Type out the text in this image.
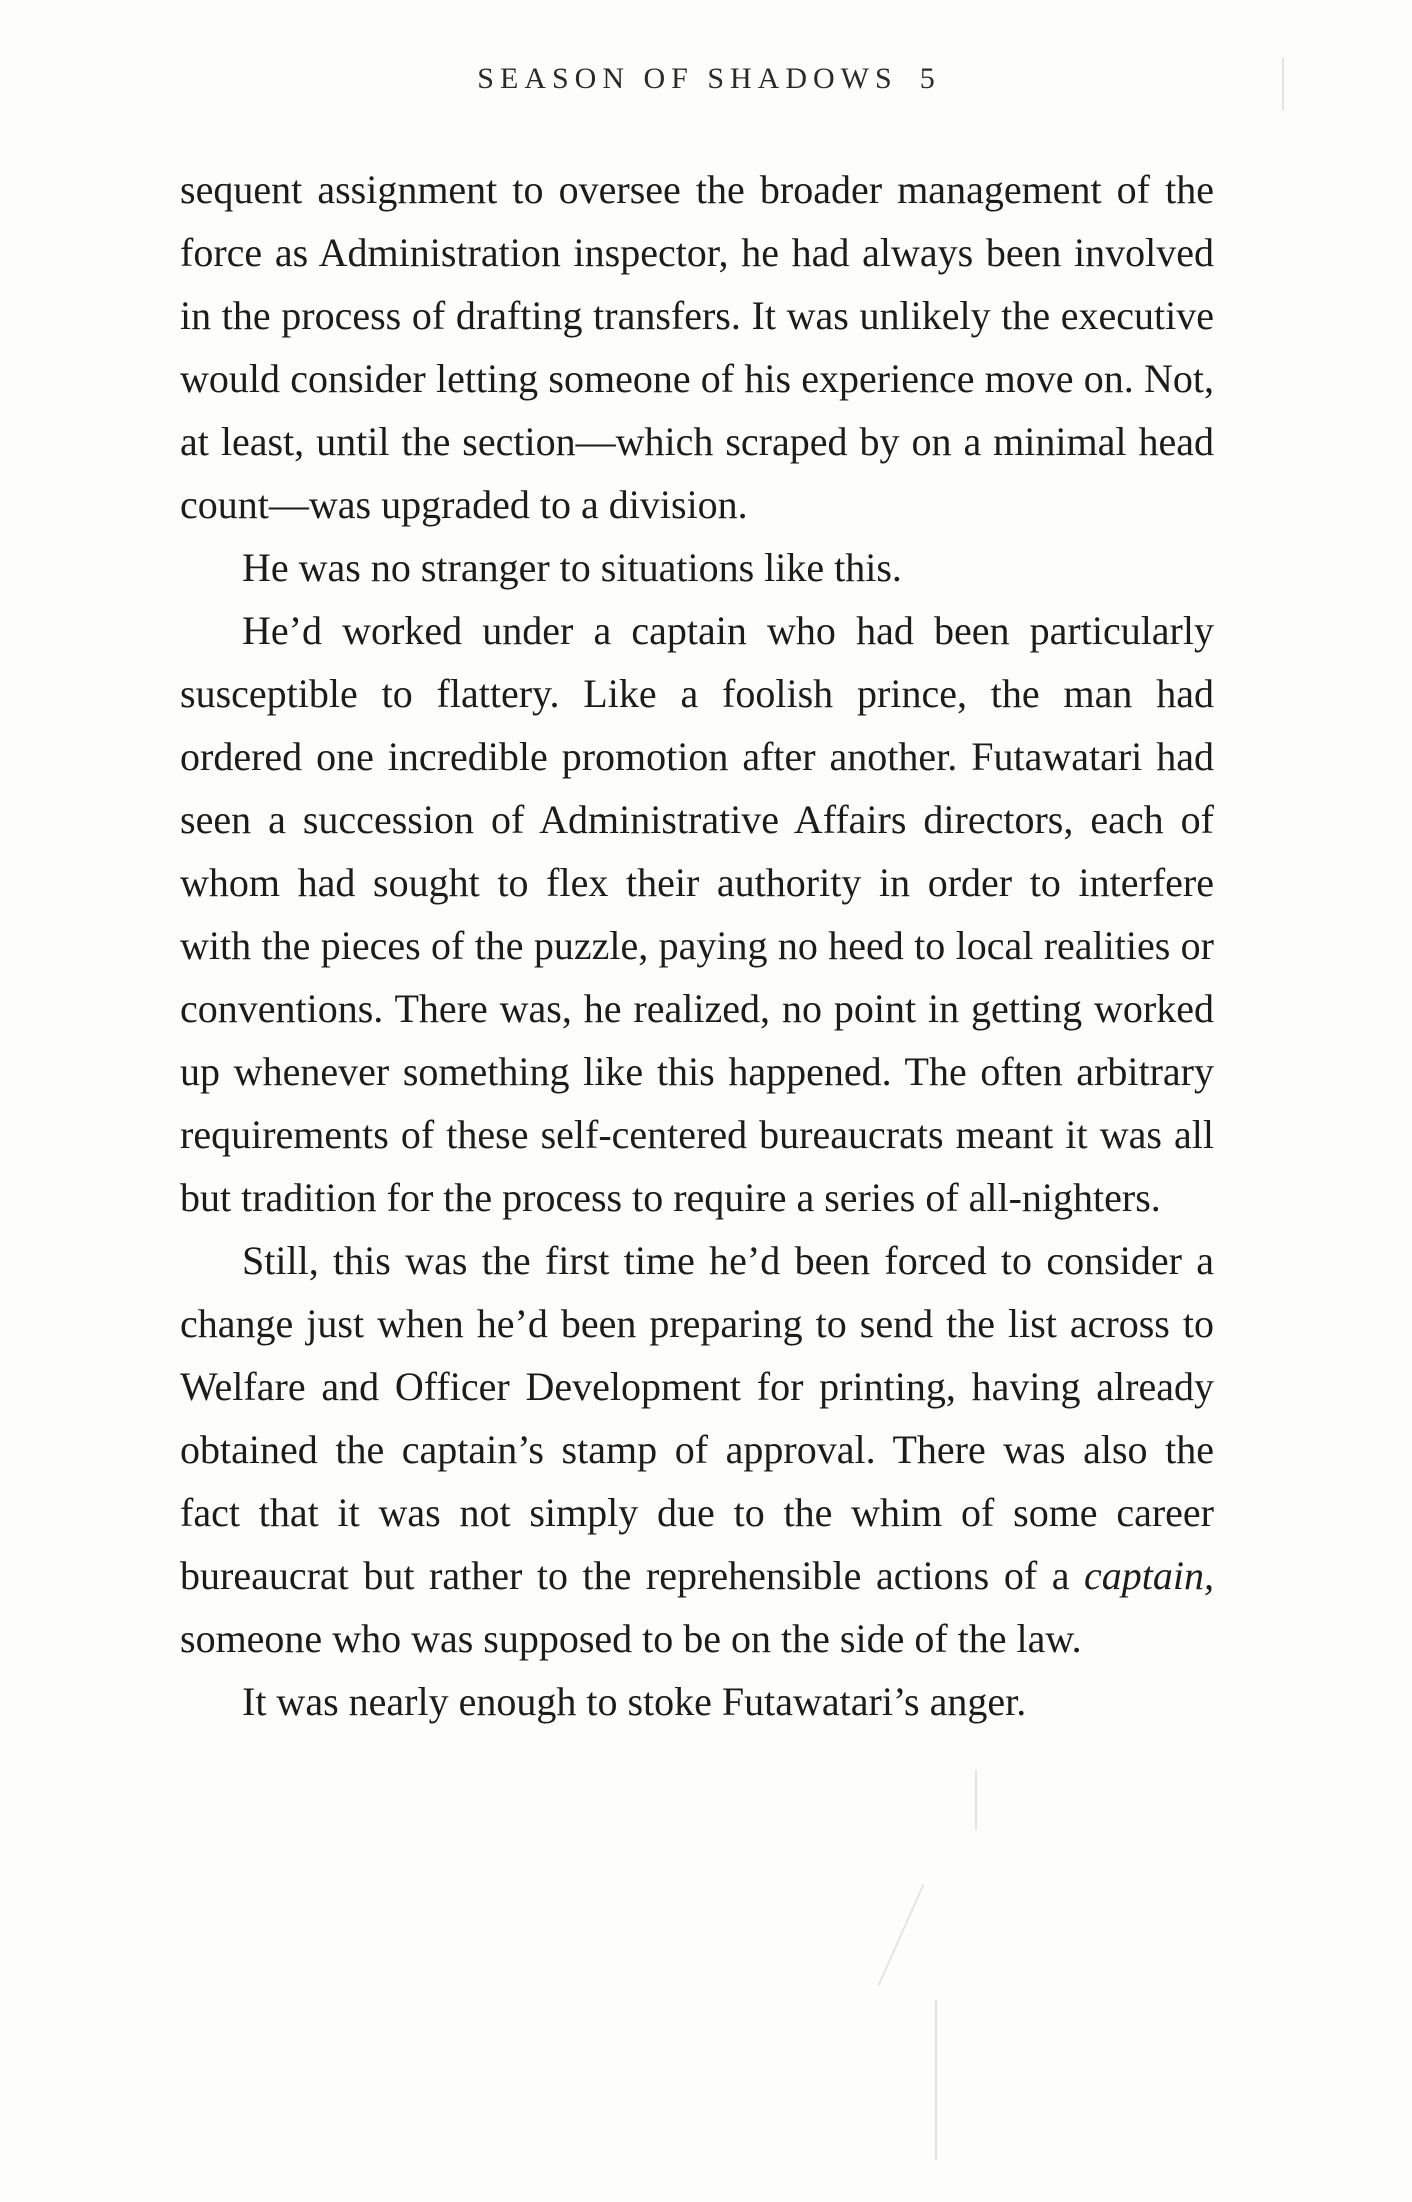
SEASON OF SHADOWS 5

sequent assignment to oversee the broader management of the force as Administration inspector, he had always been involved in the process of drafting transfers. It was unlikely the executive would consider letting someone of his experience move on. Not, at least, until the section—which scraped by on a minimal head count—was upgraded to a division.

He was no stranger to situations like this.

He’d worked under a captain who had been particularly susceptible to flattery. Like a foolish prince, the man had ordered one incredible promotion after another. Futawatari had seen a succession of Administrative Affairs directors, each of whom had sought to flex their authority in order to interfere with the pieces of the puzzle, paying no heed to local realities or conventions. There was, he realized, no point in getting worked up whenever something like this happened. The often arbitrary requirements of these self-centered bureaucrats meant it was all but tradition for the process to require a series of all-nighters.

Still, this was the first time he’d been forced to consider a change just when he’d been preparing to send the list across to Welfare and Officer Development for printing, having already obtained the captain’s stamp of approval. There was also the fact that it was not simply due to the whim of some career bureaucrat but rather to the reprehensible actions of a captain, someone who was supposed to be on the side of the law.

It was nearly enough to stoke Futawatari’s anger.
